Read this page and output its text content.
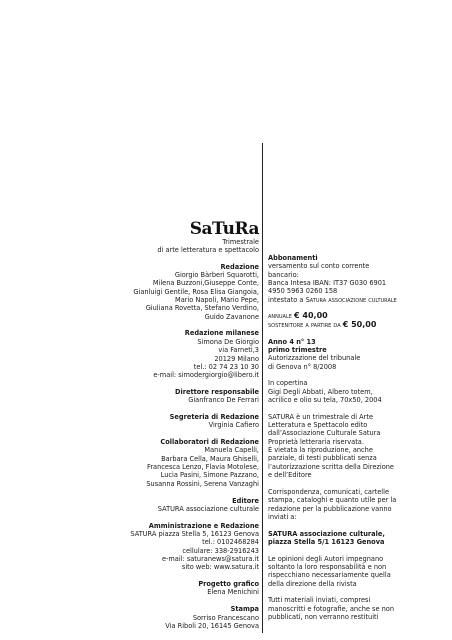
SaTuRa
Trimestrale
di arte letteratura e spettacolo
Redazione
Giorgio Bàrberi Squarotti,
Milena Buzzoni,Giuseppe Conte,
Gianluigi Gentile, Rosa Elisa Giangoia,
Mario Napoli, Mario Pepe,
Giuliana Rovetta, Stefano Verdino,
Guido Zavanone
Redazione milanese
Simona De Giorgio
via Farneti,3
20129 Milano
tel.: 02 74 23 10 30
e-mail: simodergiorgio@libero.it
Direttore responsabile
Gianfranco De Ferrari
Segreteria di Redazione
Virginia Cafiero
Collaboratori di Redazione
Manuela Capelli,
Barbara Cella, Maura Ghiselli,
Francesca Lenzo, Flavia Motolese,
Lucia Pasini, Simone Pazzano,
Susanna Rossini, Serena Vanzaghi
Editore
SATURA associazione culturale
Amministrazione e Redazione
SATURA piazza Stella 5, 16123 Genova
tel.: 0102468284
cellulare: 338-2916243
e-mail: saturanews@satura.it
sito web: www.satura.it
Progetto grafico
Elena Menichini
Stampa
Sorriso Francescano
Via Riboli 20, 16145 Genova
Abbonamenti
versamento sul conto corrente
bancario:
Banca Intesa IBAN: IT37 G030 6901
4950 5963 0260 158
intestato a Satura associazione culturale
annuale € 40,00
sostenitore a partire da € 50,00
Anno 4 n° 13
primo trimestre
Autorizzazione del tribunale
di Genova n° 8/2008
In copertina
Gigi Degli Abbati, Albero totem,
acrilico e olio su tela, 70x50, 2004
SATURA è un trimestrale di Arte
Letteratura e Spettacolo edito
dall’Associazione Culturale Satura
Proprietà letteraria riservata.
È vietata la riproduzione, anche
parziale, di testi pubblicati senza
l’autorizzazione scritta della Direzione
e dell’Editore
Corrispondenza, comunicati, cartelle
stampa, cataloghi e quanto utile per la
redazione per la pubblicazione vanno
inviati a:
SATURA associazione culturale,
piazza Stella 5/1 16123 Genova
Le opinioni degli Autori impegnano
soltanto la loro responsabilità e non
rispecchiano necessariamente quella
della direzione della rivista
Tutti materiali inviati, compresi
manoscritti e fotografie, anche se non
pubblicati, non verranno restituiti
